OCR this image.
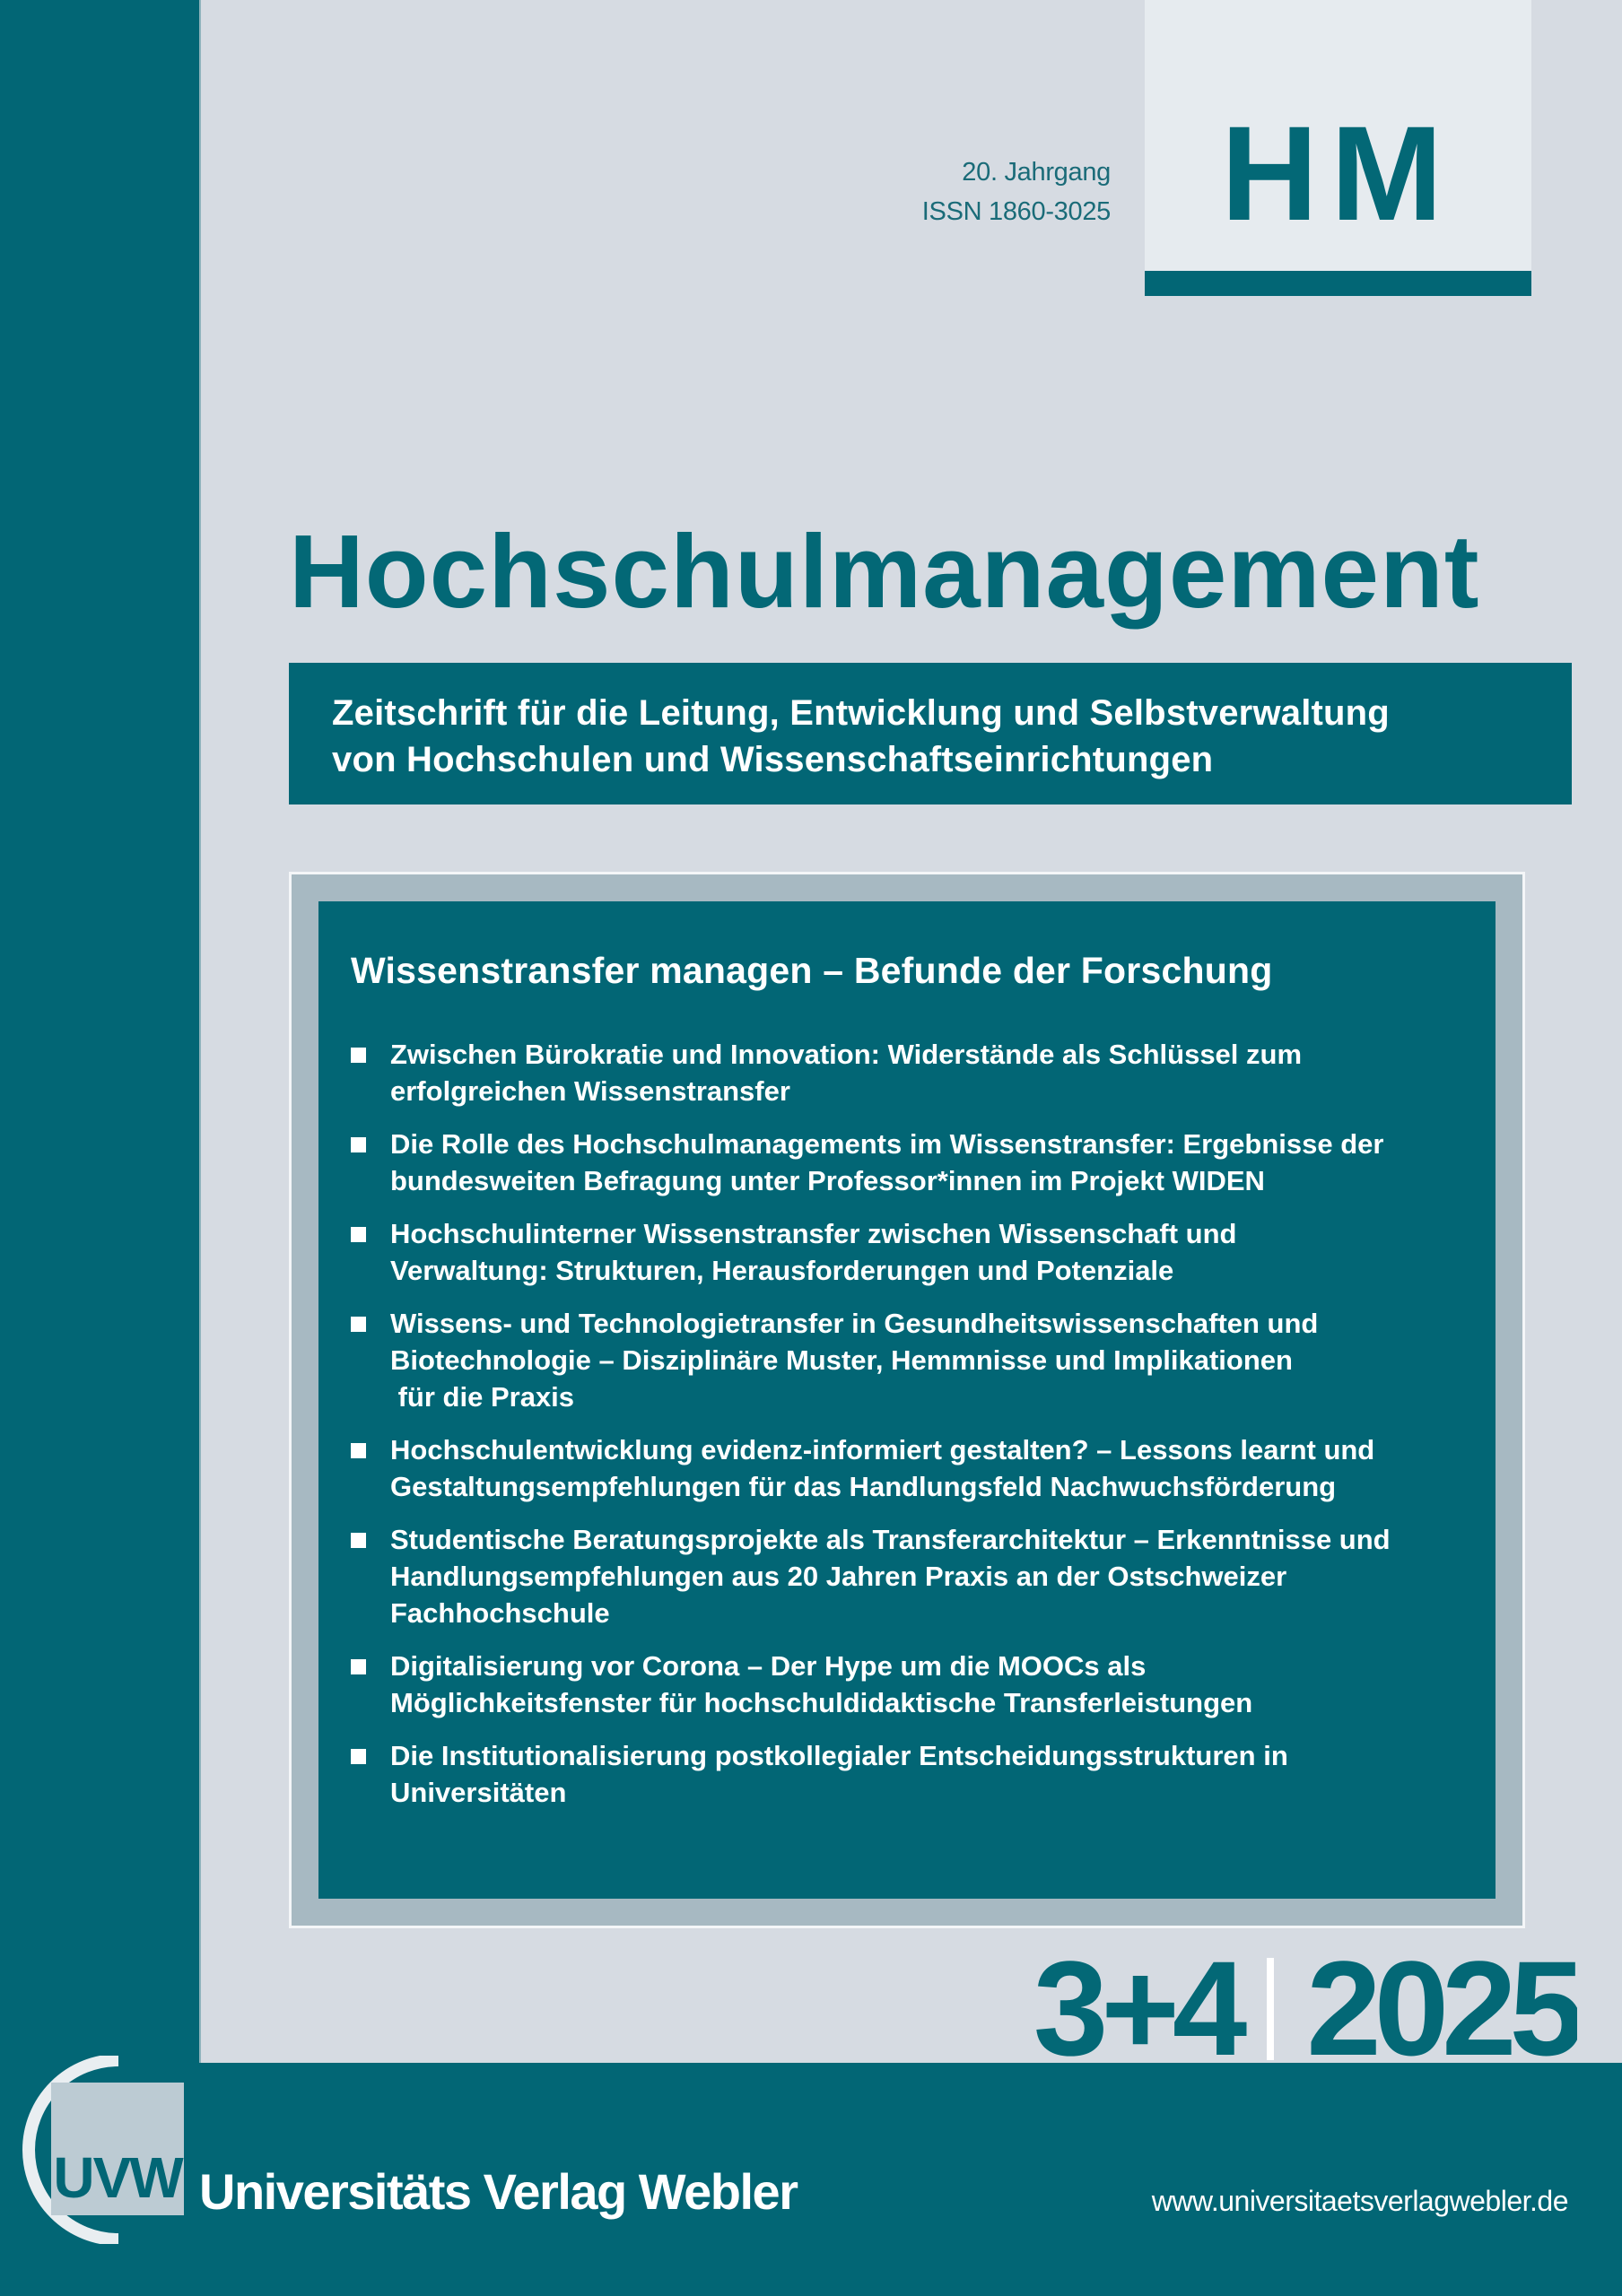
20. Jahrgang
ISSN 1860-3025 HM
Hochschulmanagement
Zeitschrift für die Leitung, Entwicklung und Selbstverwaltung
von Hochschulen und Wissenschaftseinrichtungen
Wissenstransfer managen – Befunde der Forschung
Zwischen Bürokratie und Innovation: Widerstände als Schlüssel zum
erfolgreichen Wissenstransfer
Die Rolle des Hochschulmanagements im Wissenstransfer: Ergebnisse der
bundesweiten Befragung unter Professor*innen im Projekt WIDEN
Hochschulinterner Wissenstransfer zwischen Wissenschaft und
Verwaltung: Strukturen, Herausforderungen und Potenziale
Wissens- und Technologietransfer in Gesundheitswissenschaften und
Biotechnologie – Disziplinäre Muster, Hemmnisse und Implikationen
für die Praxis
Hochschulentwicklung evidenz-informiert gestalten? – Lessons learnt und
Gestaltungsempfehlungen für das Handlungsfeld Nachwuchsförderung
Studentische Beratungsprojekte als Transferarchitektur – Erkenntnisse und
Handlungsempfehlungen aus 20 Jahren Praxis an der Ostschweizer
Fachhochschule
Digitalisierung vor Corona – Der Hype um die MOOCs als
Möglichkeitsfenster für hochschuldidaktische Transferleistungen
Die Institutionalisierung postkollegialer Entscheidungsstrukturen in
Universitäten
3+4 2025
UVW Universitäts Verlag Webler	www.universitaetsverlagwebler.de
